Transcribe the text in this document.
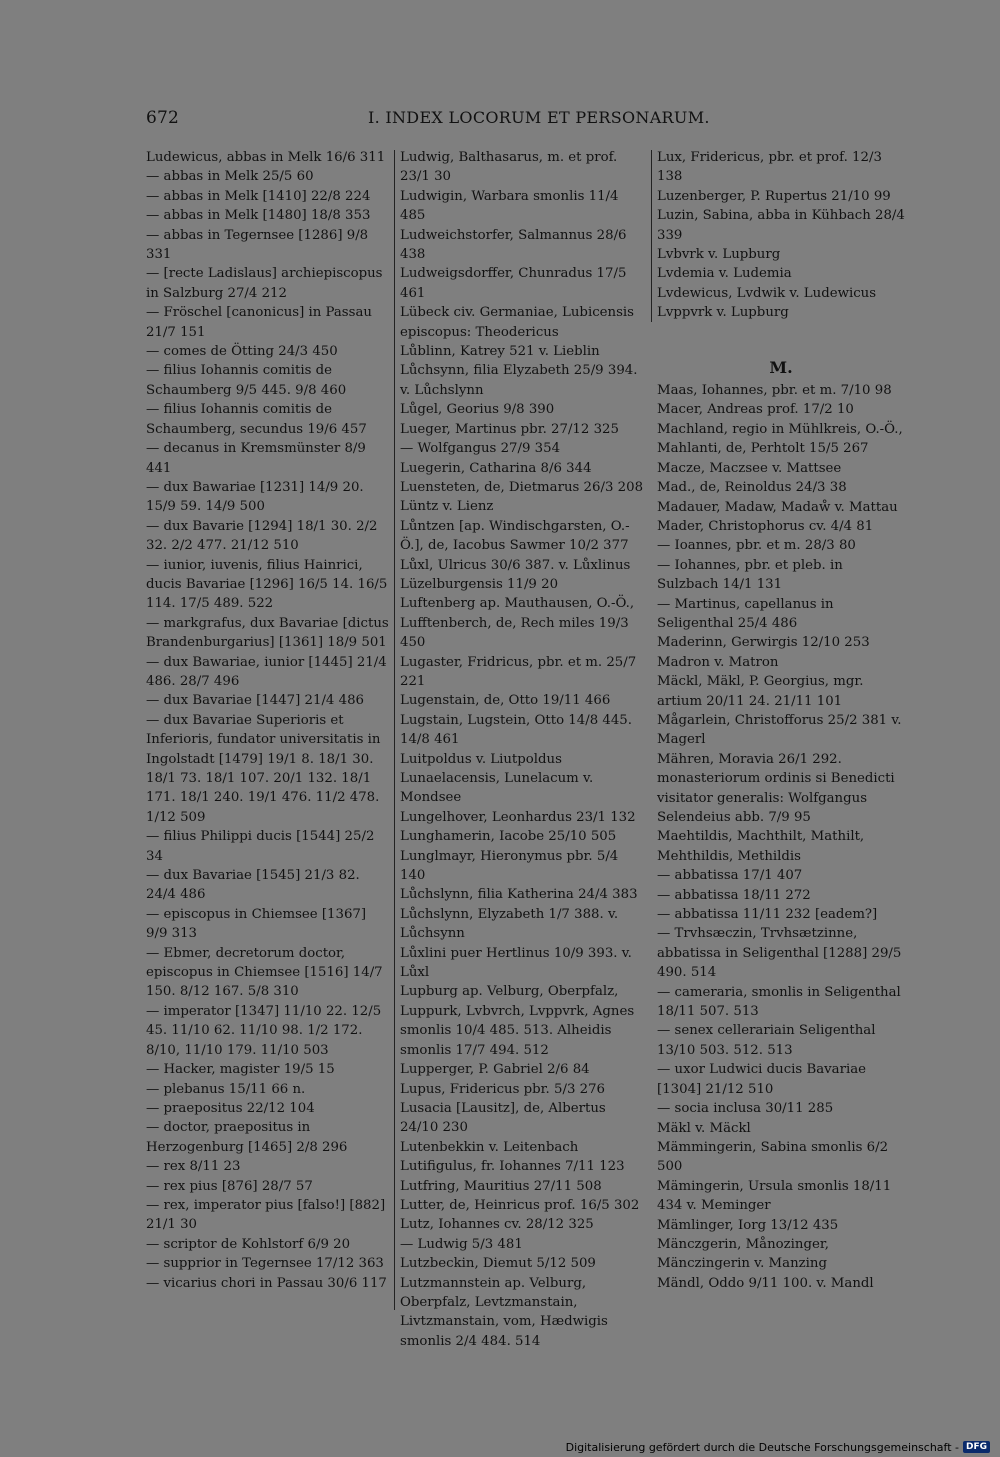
672	I. INDEX LOCORUM ET PERSONARUM.
Ludewicus, abbas in Melk 16/6 311
— abbas in Melk 25/5 60
— abbas in Melk [1410] 22/8 224
— abbas in Melk [1480] 18/8 353
— abbas in Tegernsee [1286] 9/8 331
— [recte Ladislaus] archiepiscopus in Salzburg 27/4 212
— Fröschel [canonicus] in Passau 21/7 151
— comes de Ötting 24/3 450
— filius Iohannis comitis de Schaumberg 9/5 445. 9/8 460
— filius Iohannis comitis de Schaumberg, secundus 19/6 457
— decanus in Kremsmünster 8/9 441
— dux Bawariae [1231] 14/9 20. 15/9 59. 14/9 500
— dux Bavarie [1294] 18/1 30. 2/2 32. 2/2 477. 21/12 510
— iunior, iuvenis, filius Hainrici, ducis Bavariae [1296] 16/5 14. 16/5 114. 17/5 489. 522
— markgrafus, dux Bavariae [dictus Brandenburgarius] [1361] 18/9 501
— dux Bawariae, iunior [1445] 21/4 486. 28/7 496
— dux Bavariae [1447] 21/4 486
— dux Bavariae Superioris et Inferioris, fundator universitatis in Ingolstadt [1479] 19/1 8. 18/1 30. 18/1 73. 18/1 107. 20/1 132. 18/1 171. 18/1 240. 19/1 476. 11/2 478. 1/12 509
— filius Philippi ducis [1544] 25/2 34
— dux Bavariae [1545] 21/3 82. 24/4 486
— episcopus in Chiemsee [1367] 9/9 313
— Ebmer, decretorum doctor, episcopus in Chiemsee [1516] 14/7 150. 8/12 167. 5/8 310
— imperator [1347] 11/10 22. 12/5 45. 11/10 62. 11/10 98. 1/2 172. 8/10, 11/10 179. 11/10 503
— Hacker, magister 19/5 15
— plebanus 15/11 66 n.
— praepositus 22/12 104
— doctor, praepositus in Herzogenburg [1465] 2/8 296
— rex 8/11 23
— rex pius [876] 28/7 57
— rex, imperator pius [falso!] [882] 21/1 30
— scriptor de Kohlstorf 6/9 20
— supprior in Tegernsee 17/12 363
— vicarius chori in Passau 30/6 117
Ludwig, Balthasarus, m. et prof. 23/1 30
Ludwigin, Warbara smonlis 11/4 485
Ludweichstorfer, Salmannus 28/6 438
Ludweigsdorffer, Chunradus 17/5 461
Lübeck civ. Germaniae, Lubicensis episcopus: Theodericus
Lůblinn, Katrey 521 v. Lieblin
Lůchsynn, filia Elyzabeth 25/9 394. v. Lůchslynn
Lůgel, Georius 9/8 390
Lueger, Martinus pbr. 27/12 325
— Wolfgangus 27/9 354
Luegerin, Catharina 8/6 344
Luensteten, de, Dietmarus 26/3 208
Lüntz v. Lienz
Lůntzen [ap. Windischgarsten, O.-Ö.], de, Iacobus Sawmer 10/2 377
Lůxl, Ulricus 30/6 387. v. Lůxlinus
Lüzelburgensis 11/9 20
Luftenberg ap. Mauthausen, O.-Ö., Lufftenberch, de, Rech miles 19/3 450
Lugaster, Fridricus, pbr. et m. 25/7 221
Lugenstain, de, Otto 19/11 466
Lugstain, Lugstein, Otto 14/8 445. 14/8 461
Luitpoldus v. Liutpoldus
Lunaelacensis, Lunelacum v. Mondsee
Lungelhover, Leonhardus 23/1 132
Lunghamerin, Iacobe 25/10 505
Lunglmayr, Hieronymus pbr. 5/4 140
Lůchslynn, filia Katherina 24/4 383
Lůchslynn, Elyzabeth 1/7 388. v. Lůchsynn
Lůxlini puer Hertlinus 10/9 393. v. Lůxl
Lupburg ap. Velburg, Oberpfalz, Luppurk, Lvbvrch, Lvppvrk, Agnes smonlis 10/4 485. 513. Alheidis smonlis 17/7 494. 512
Lupperger, P. Gabriel 2/6 84
Lupus, Fridericus pbr. 5/3 276
Lusacia [Lausitz], de, Albertus 24/10 230
Lutenbekkin v. Leitenbach
Lutifigulus, fr. Iohannes 7/11 123
Lutfring, Mauritius 27/11 508
Lutter, de, Heinricus prof. 16/5 302
Lutz, Iohannes cv. 28/12 325
— Ludwig 5/3 481
Lutzbeckin, Diemut 5/12 509
Lutzmannstein ap. Velburg, Oberpfalz, Levtzmanstain, Livtzmanstain, vom, Hædwigis smonlis 2/4 484. 514
Lux, Fridericus, pbr. et prof. 12/3 138
Luzenberger, P. Rupertus 21/10 99
Luzin, Sabina, abba in Kühbach 28/4 339
Lvbvrk v. Lupburg
Lvdemia v. Ludemia
Lvdewicus, Lvdwik v. Ludewicus
Lvppvrk v. Lupburg
M.
Maas, Iohannes, pbr. et m. 7/10 98
Macer, Andreas prof. 17/2 10
Machland, regio in Mühlkreis, O.-Ö., Mahlanti, de, Perhtolt 15/5 267
Macze, Maczsee v. Mattsee
Mad., de, Reinoldus 24/3 38
Madauer, Madaw, Madaẘ v. Mattau
Mader, Christophorus cv. 4/4 81
— Ioannes, pbr. et m. 28/3 80
— Iohannes, pbr. et pleb. in Sulzbach 14/1 131
— Martinus, capellanus in Seligenthal 25/4 486
Maderinn, Gerwirgis 12/10 253
Madron v. Matron
Mäckl, Mäkl, P. Georgius, mgr. artium 20/11 24. 21/11 101
Mågarlein, Christofforus 25/2 381 v. Magerl
Mähren, Moravia 26/1 292. monasteriorum ordinis si Benedicti visitator generalis: Wolfgangus Selendeius abb. 7/9 95
Maehtildis, Machthilt, Mathilt, Mehthildis, Methildis
— abbatissa 17/1 407
— abbatissa 18/11 272
— abbatissa 11/11 232 [eadem?]
— Trvhsæczin, Trvhsætzinne, abbatissa in Seligenthal [1288] 29/5 490. 514
— cameraria, smonlis in Seligenthal 18/11 507. 513
— senex cellerariain Seligenthal 13/10 503. 512. 513
— uxor Ludwici ducis Bavariae [1304] 21/12 510
— socia inclusa 30/11 285
Mäkl v. Mäckl
Mämmingerin, Sabina smonlis 6/2 500
Mämingerin, Ursula smonlis 18/11 434 v. Meminger
Mämlinger, Iorg 13/12 435
Mänczgerin, Månozinger, Mänczingerin v. Manzing
Mändl, Oddo 9/11 100. v. Mandl
Digitalisierung gefördert durch die Deutsche Forschungsgemeinschaft - DFG
